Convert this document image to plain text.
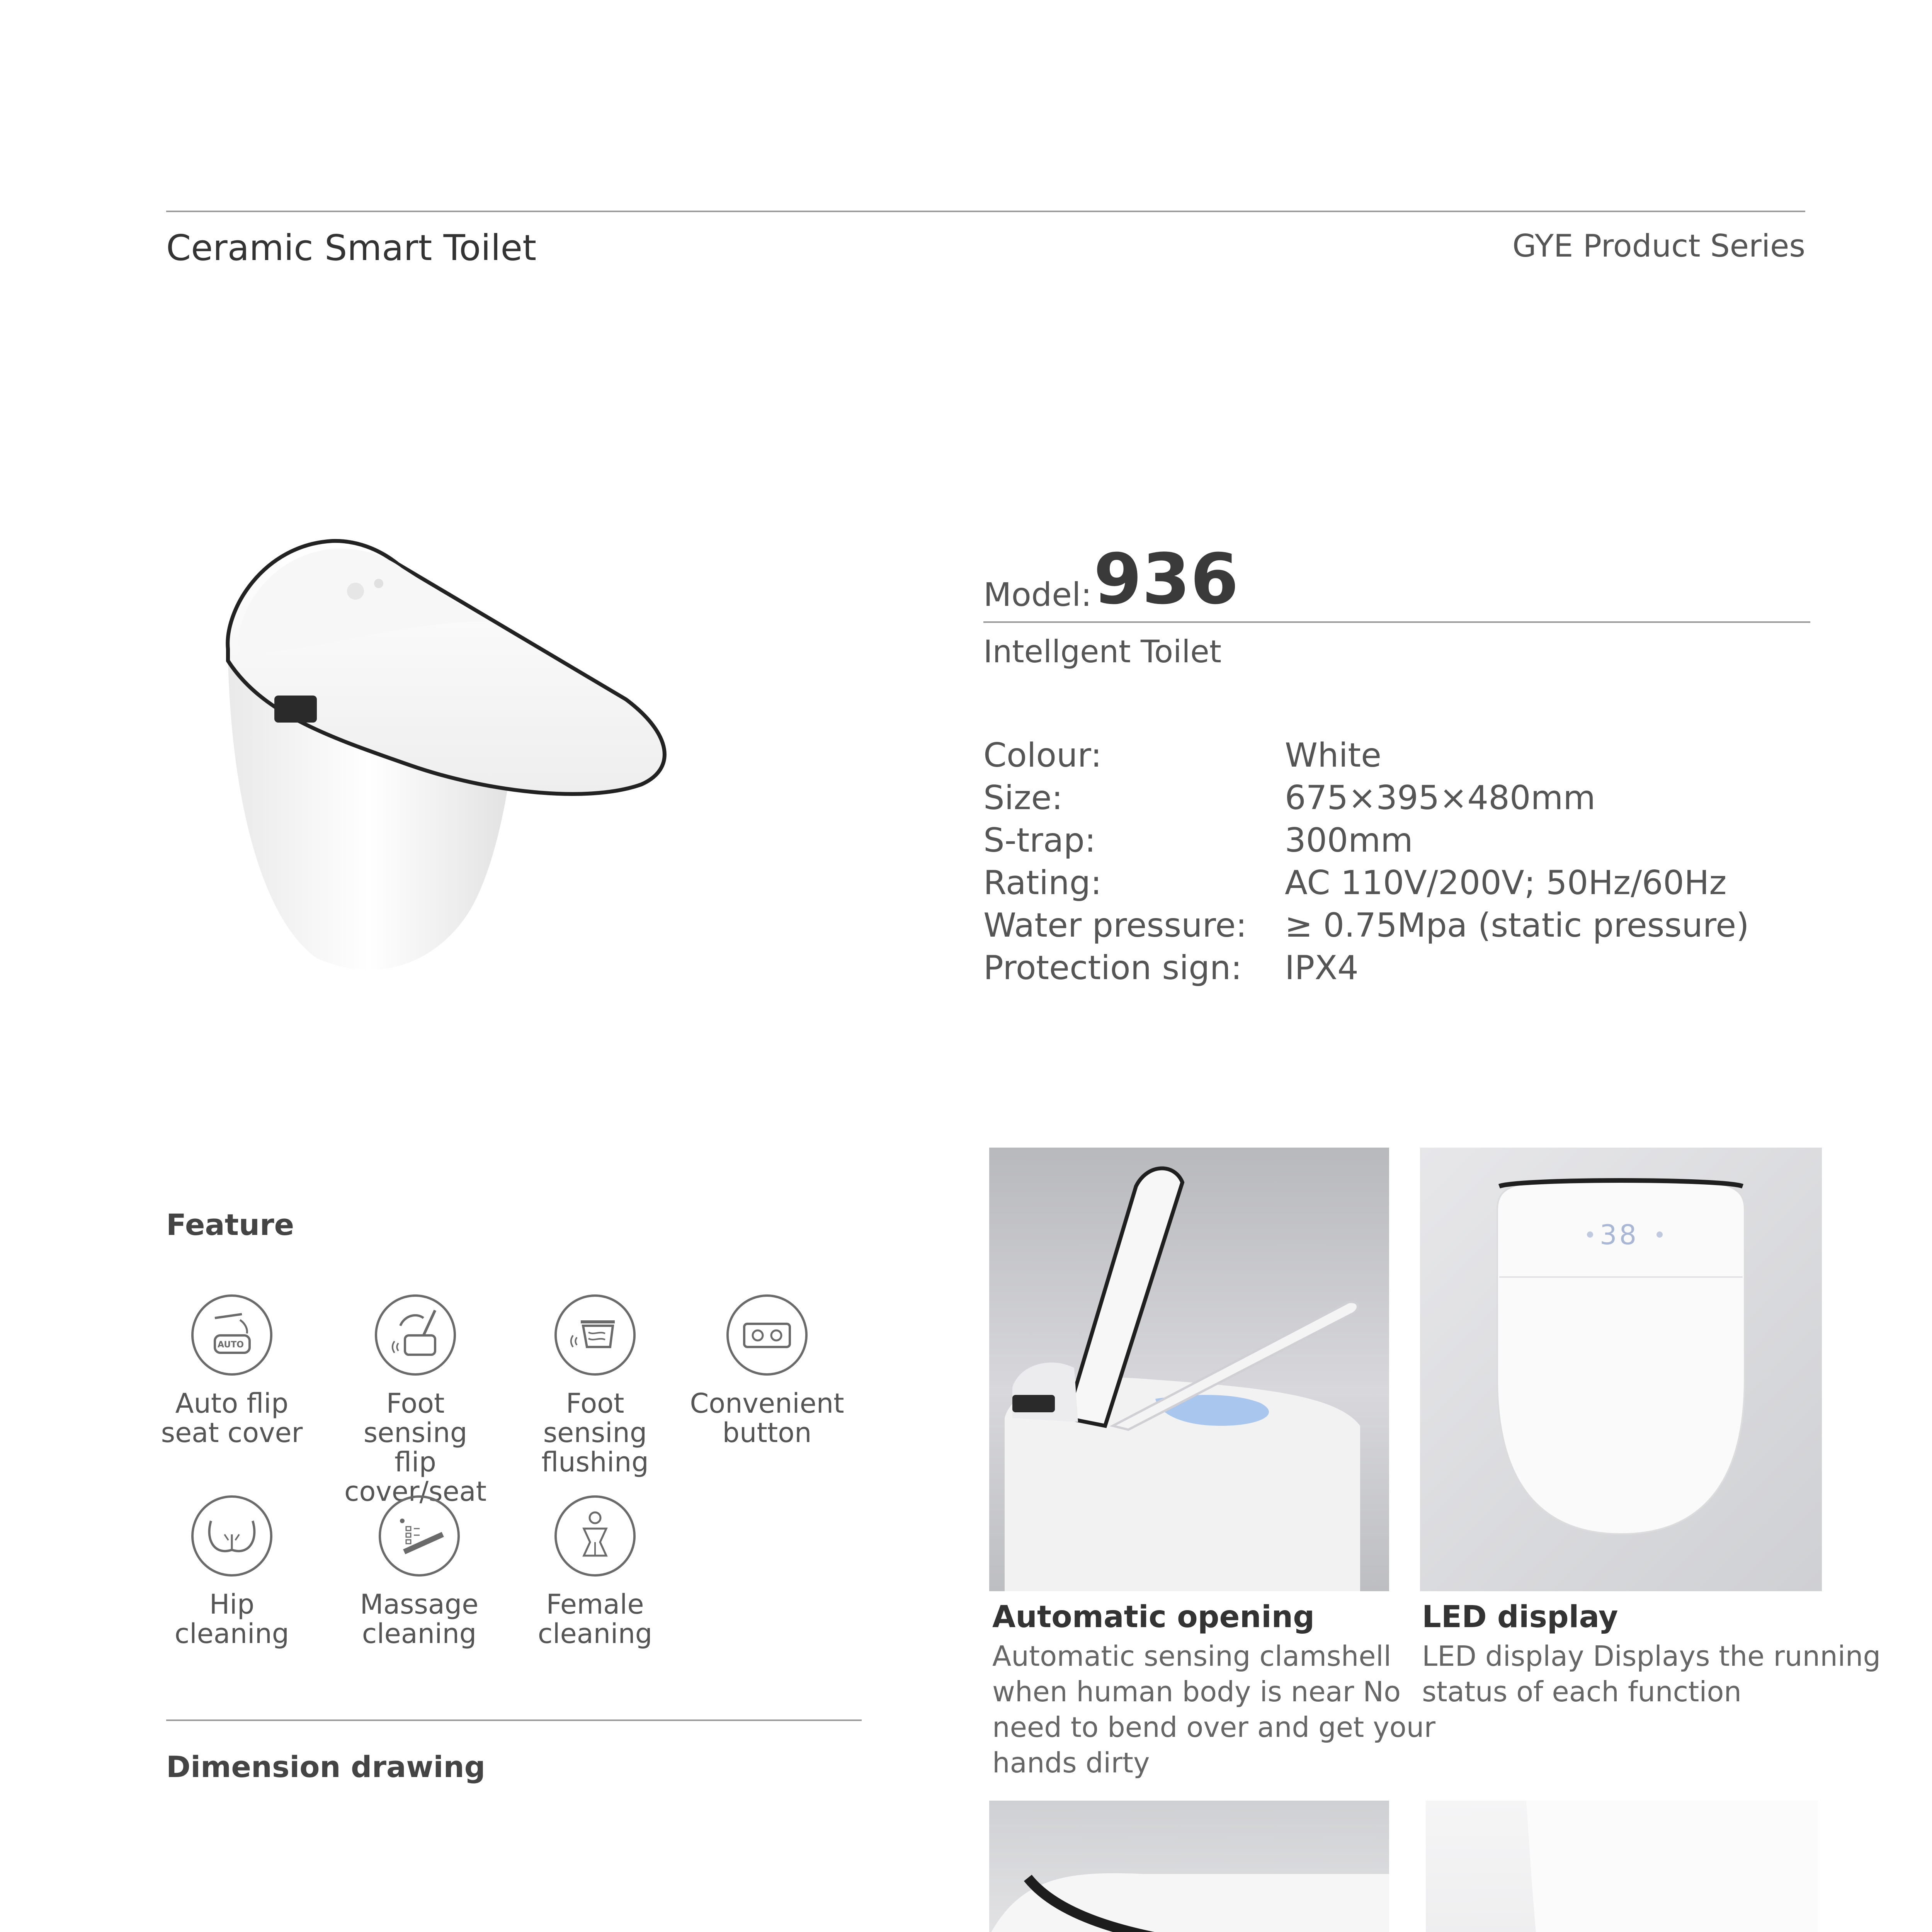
Ceramic Smart Toilet	GYE Product Series
Model: 936
Intellgent Toilet
Colour:	White
Size:	675×395×480mm
S-trap:	300mm
Rating:	AC 110V/200V; 50Hz/60Hz
Water pressure: ≥ 0.75Mpa (static pressure)
Protection sign: IPX4
Feature
AUTO
Auto flip
seat cover
Foot sensing
flip cover/seat
Foot sensing
flushing
Convenient
button
Hip
cleaning
Massage
cleaning
Female
cleaning
Dimension drawing
Automatic opening
Automatic sensing clamshell
when human body is near No
need to bend over and get your
hands dirty
38
LED display
LED display Displays the running
status of each function
